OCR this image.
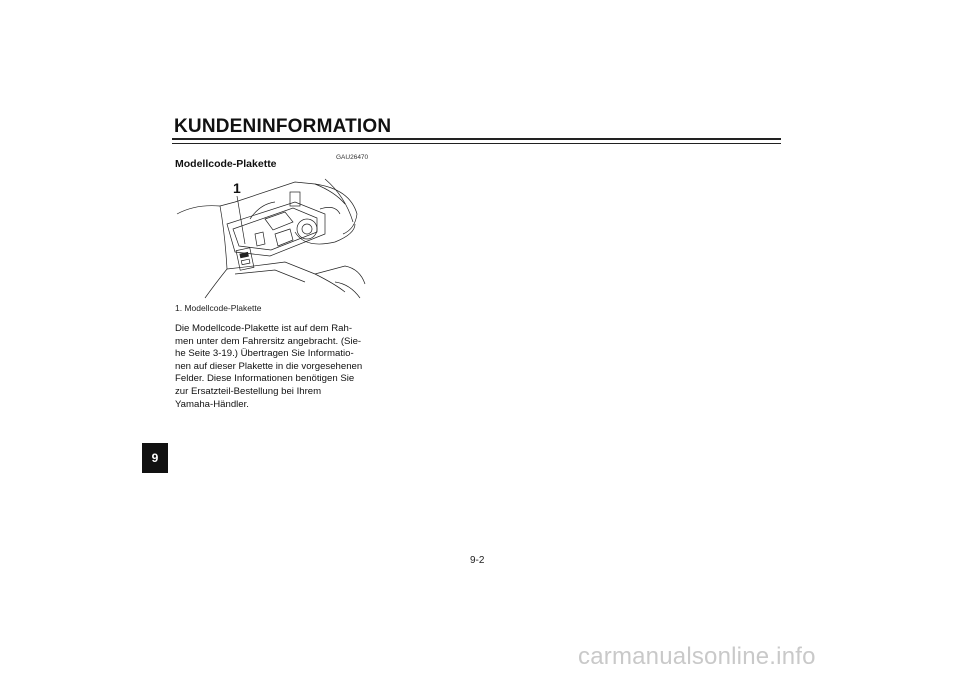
KUNDENINFORMATION
GAU26470
Modellcode-Plakette
1
1. Modellcode-Plakette
Die Modellcode-Plakette ist auf dem Rah-
men unter dem Fahrersitz angebracht. (Sie-
he Seite 3-19.) Übertragen Sie Informatio-
nen auf dieser Plakette in die vorgesehenen
Felder. Diese Informationen benötigen Sie
zur Ersatzteil-Bestellung bei Ihrem
Yamaha-Händler.
9
9-2
carmanualsonline.info
